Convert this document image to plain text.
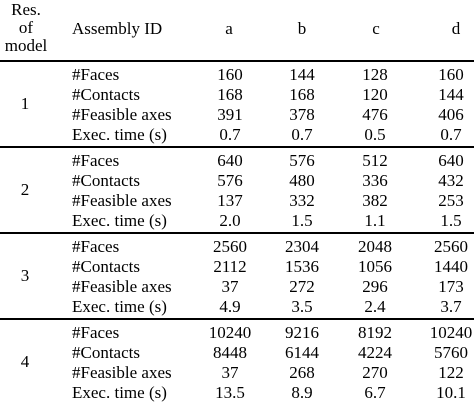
Res.
of
model
Assembly ID	a	b	c	d
1
#Faces	160	144	128	160
#Contacts	168	168	120	144
#Feasible axes	391	378	476	406
Exec. time (s)	0.7	0.7	0.5	0.7
2
#Faces	640	576	512	640
#Contacts	576	480	336	432
#Feasible axes	137	332	382	253
Exec. time (s)	2.0	1.5	1.1	1.5
3
#Faces	2560	2304	2048	2560
#Contacts	2112	1536	1056	1440
#Feasible axes	37	272	296	173
Exec. time (s)	4.9	3.5	2.4	3.7
4
#Faces	10240	9216	8192	10240
#Contacts	8448	6144	4224	5760
#Feasible axes	37	268	270	122
Exec. time (s)	13.5	8.9	6.7	10.1
